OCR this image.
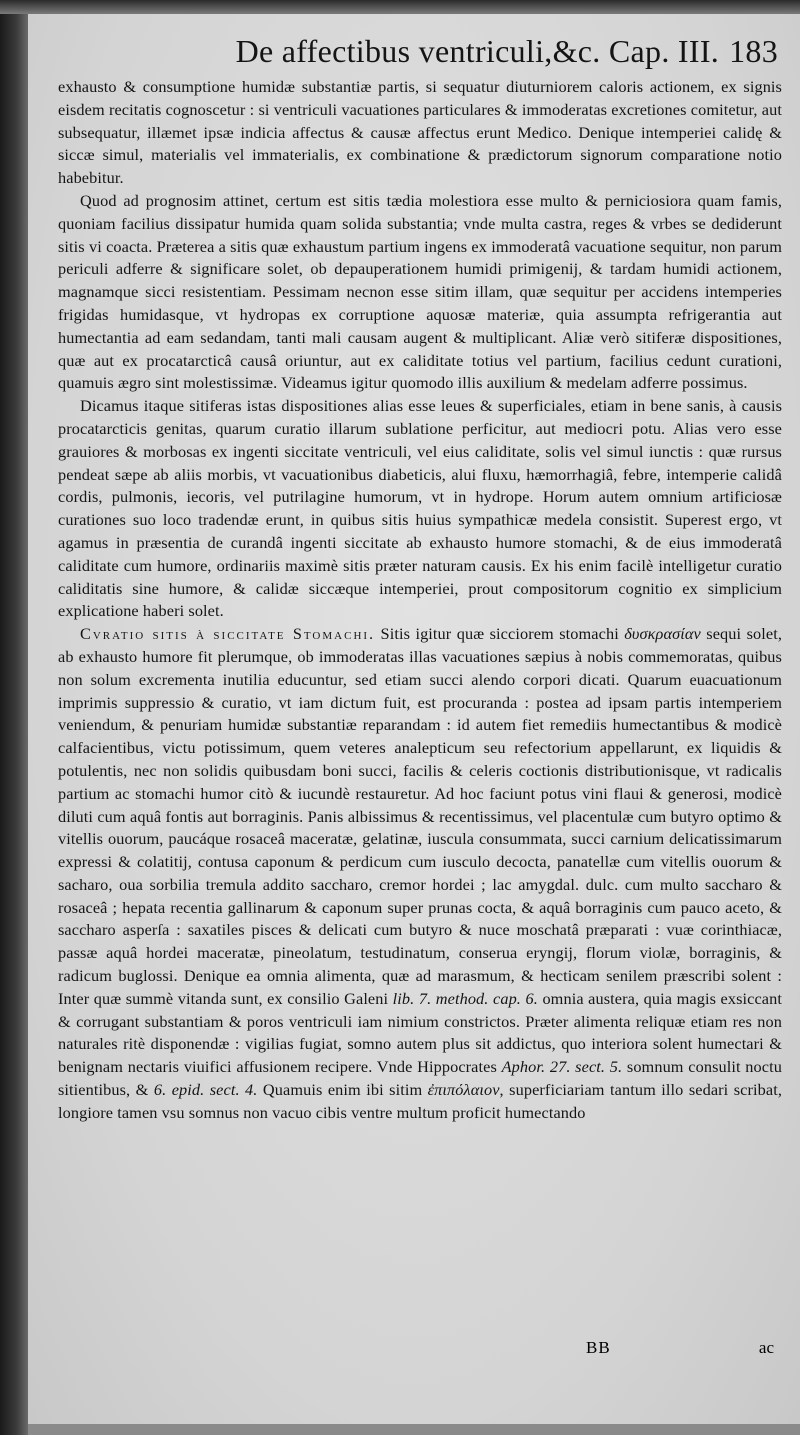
De affectibus ventriculi,&c. Cap. III. 183

exhausto & consumptione humidæ substantiæ partis, si sequatur diuturniorem caloris actionem, ex signis eisdem recitatis cognoscetur : si ventriculi vacuationes particulares & immoderatas excretiones comitetur, aut subsequatur, illæmet ipsæ indicia affectus & causæ affectus erunt Medico. Denique intemperiei calidę & siccæ simul, materialis vel immaterialis, ex combinatione & prædictorum signorum comparatione notio habebitur.

Quod ad prognosim attinet, certum est sitis tædia molestiora esse multo & perniciosiora quam famis, quoniam facilius dissipatur humida quam solida substantia; vnde multa castra, reges & vrbes se dediderunt sitis vi coacta. Præterea a sitis quæ exhaustum partium ingens ex immoderatâ vacuatione sequitur, non parum periculi adferre & significare solet, ob depauperationem humidi primigenij, & tardam humidi actionem, magnamque sicci resistentiam. Pessimam necnon esse sitim illam, quæ sequitur per accidens intemperies frigidas humidasque, vt hydropas ex corruptione aquosæ materiæ, quia assumpta refrigerantia aut humectantia ad eam sedandam, tanti mali causam augent & multiplicant. Aliæ verò sitiferæ dispositiones, quæ aut ex procatarcticâ causâ oriuntur, aut ex caliditate totius vel partium, facilius cedunt curationi, quamuis ægro sint molestissimæ. Videamus igitur quomodo illis auxilium & medelam adferre possimus.

Dicamus itaque sitiferas istas dispositiones alias esse leues & superficiales, etiam in bene sanis, à causis procatarcticis genitas, quarum curatio illarum sublatione perficitur, aut mediocri potu. Alias vero esse grauiores & morbosas ex ingenti siccitate ventriculi, vel eius caliditate, solis vel simul iunctis : quæ rursus pendeat sæpe ab aliis morbis, vt vacuationibus diabeticis, alui fluxu, hæmorrhagiâ, febre, intemperie calidâ cordis, pulmonis, iecoris, vel putrilagine humorum, vt in hydrope. Horum autem omnium artificiosæ curationes suo loco tradendæ erunt, in quibus sitis huius sympathicæ medela consistit. Superest ergo, vt agamus in præsentia de curandâ ingenti siccitate ab exhausto humore stomachi, & de eius immoderatâ caliditate cum humore, ordinariis maximè sitis præter naturam causis. Ex his enim facilè intelligetur curatio caliditatis sine humore, & calidæ siccæque intemperiei, prout compositorum cognitio ex simplicium explicatione haberi solet.

Cvratio sitis à siccitate Stomachi. Sitis igitur quæ sicciorem stomachi δυσκρασίαν sequi solet, ab exhausto humore fit plerumque, ob immoderatas illas vacuationes sæpius à nobis commemoratas, quibus non solum excrementa inutilia educuntur, sed etiam succi alendo corpori dicati. Quarum euacuationum imprimis suppressio & curatio, vt iam dictum fuit, est procuranda : postea ad ipsam partis intemperiem veniendum, & penuriam humidæ substantiæ reparandam : id autem fiet remediis humectantibus & modicè calfacientibus, victu potissimum, quem veteres analepticum seu refectorium appellarunt, ex liquidis & potulentis, nec non solidis quibusdam boni succi, facilis & celeris coctionis distributionisque, vt radicalis partium ac stomachi humor citò & iucundè restauretur. Ad hoc faciunt potus vini flaui & generosi, modicè diluti cum aquâ fontis aut borraginis. Panis albissimus & recentissimus, vel placentulæ cum butyro optimo & vitellis ouorum, paucáque rosaceâ maceratæ, gelatinæ, iuscula consummata, succi carnium delicatissimarum expressi & colatitij, contusa caponum & perdicum cum iusculo decocta, panatellæ cum vitellis ouorum & sacharo, oua sorbilia tremula addito saccharo, cremor hordei ; lac amygdal. dulc. cum multo saccharo & rosaceâ ; hepata recentia gallinarum & caponum super prunas cocta, & aquâ borraginis cum pauco aceto, & saccharo asperſa : saxatiles pisces & delicati cum butyro & nuce moschatâ præparati : vuæ corinthiacæ, passæ aquâ hordei maceratæ, pineolatum, testudinatum, conserua eryngij, florum violæ, borraginis, & radicum buglossi. Denique ea omnia alimenta, quæ ad marasmum, & hecticam senilem præscribi solent : Inter quæ summè vitanda sunt, ex consilio Galeni lib. 7. method. cap. 6. omnia austera, quia magis exsiccant & corrugant substantiam & poros ventriculi iam nimium constrictos. Præter alimenta reliquæ etiam res non naturales ritè disponendæ : vigilias fugiat, somno autem plus sit addictus, quo interiora solent humectari & benignam nectaris viuifici affusionem recipere. Vnde Hippocrates Aphor. 27. sect. 5. somnum consulit noctu sitientibus, & 6. epid. sect. 4. Quamuis enim ibi sitim ἐπιπόλαιον, superficiariam tantum illo sedari scribat, longiore tamen vsu somnus non vacuo cibis ventre multum proficit humectando

BB	ac
